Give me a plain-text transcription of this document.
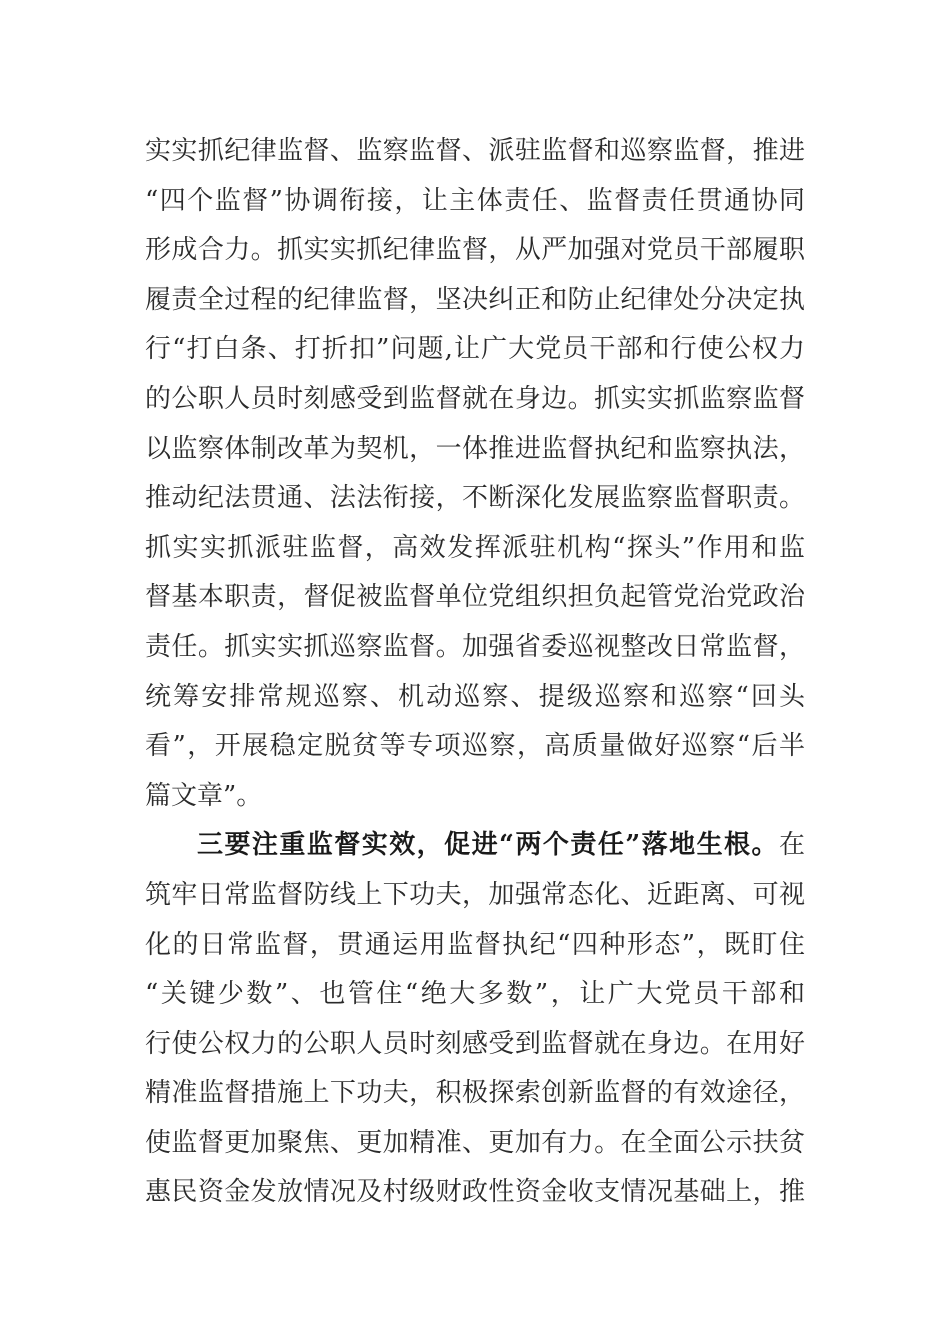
实实抓纪律监督、监察监督、派驻监督和巡察监督，推进
“四个监督”协调衔接，让主体责任、监督责任贯通协同
形成合力。抓实实抓纪律监督，从严加强对党员干部履职
履责全过程的纪律监督，坚决纠正和防止纪律处分决定执
行“打白条、打折扣”问题,让广大党员干部和行使公权力
的公职人员时刻感受到监督就在身边。抓实实抓监察监督
以监察体制改革为契机，一体推进监督执纪和监察执法，
推动纪法贯通、法法衔接，不断深化发展监察监督职责。
抓实实抓派驻监督，高效发挥派驻机构“探头”作用和监
督基本职责，督促被监督单位党组织担负起管党治党政治
责任。抓实实抓巡察监督。加强省委巡视整改日常监督，
统筹安排常规巡察、机动巡察、提级巡察和巡察“回头
看”，开展稳定脱贫等专项巡察，高质量做好巡察“后半
篇文章”。
三要注重监督实效，促进“两个责任”落地生根。在
筑牢日常监督防线上下功夫，加强常态化、近距离、可视
化的日常监督，贯通运用监督执纪“四种形态”，既盯住
“关键少数”、也管住“绝大多数”，让广大党员干部和
行使公权力的公职人员时刻感受到监督就在身边。在用好
精准监督措施上下功夫，积极探索创新监督的有效途径，
使监督更加聚焦、更加精准、更加有力。在全面公示扶贫
惠民资金发放情况及村级财政性资金收支情况基础上，推
